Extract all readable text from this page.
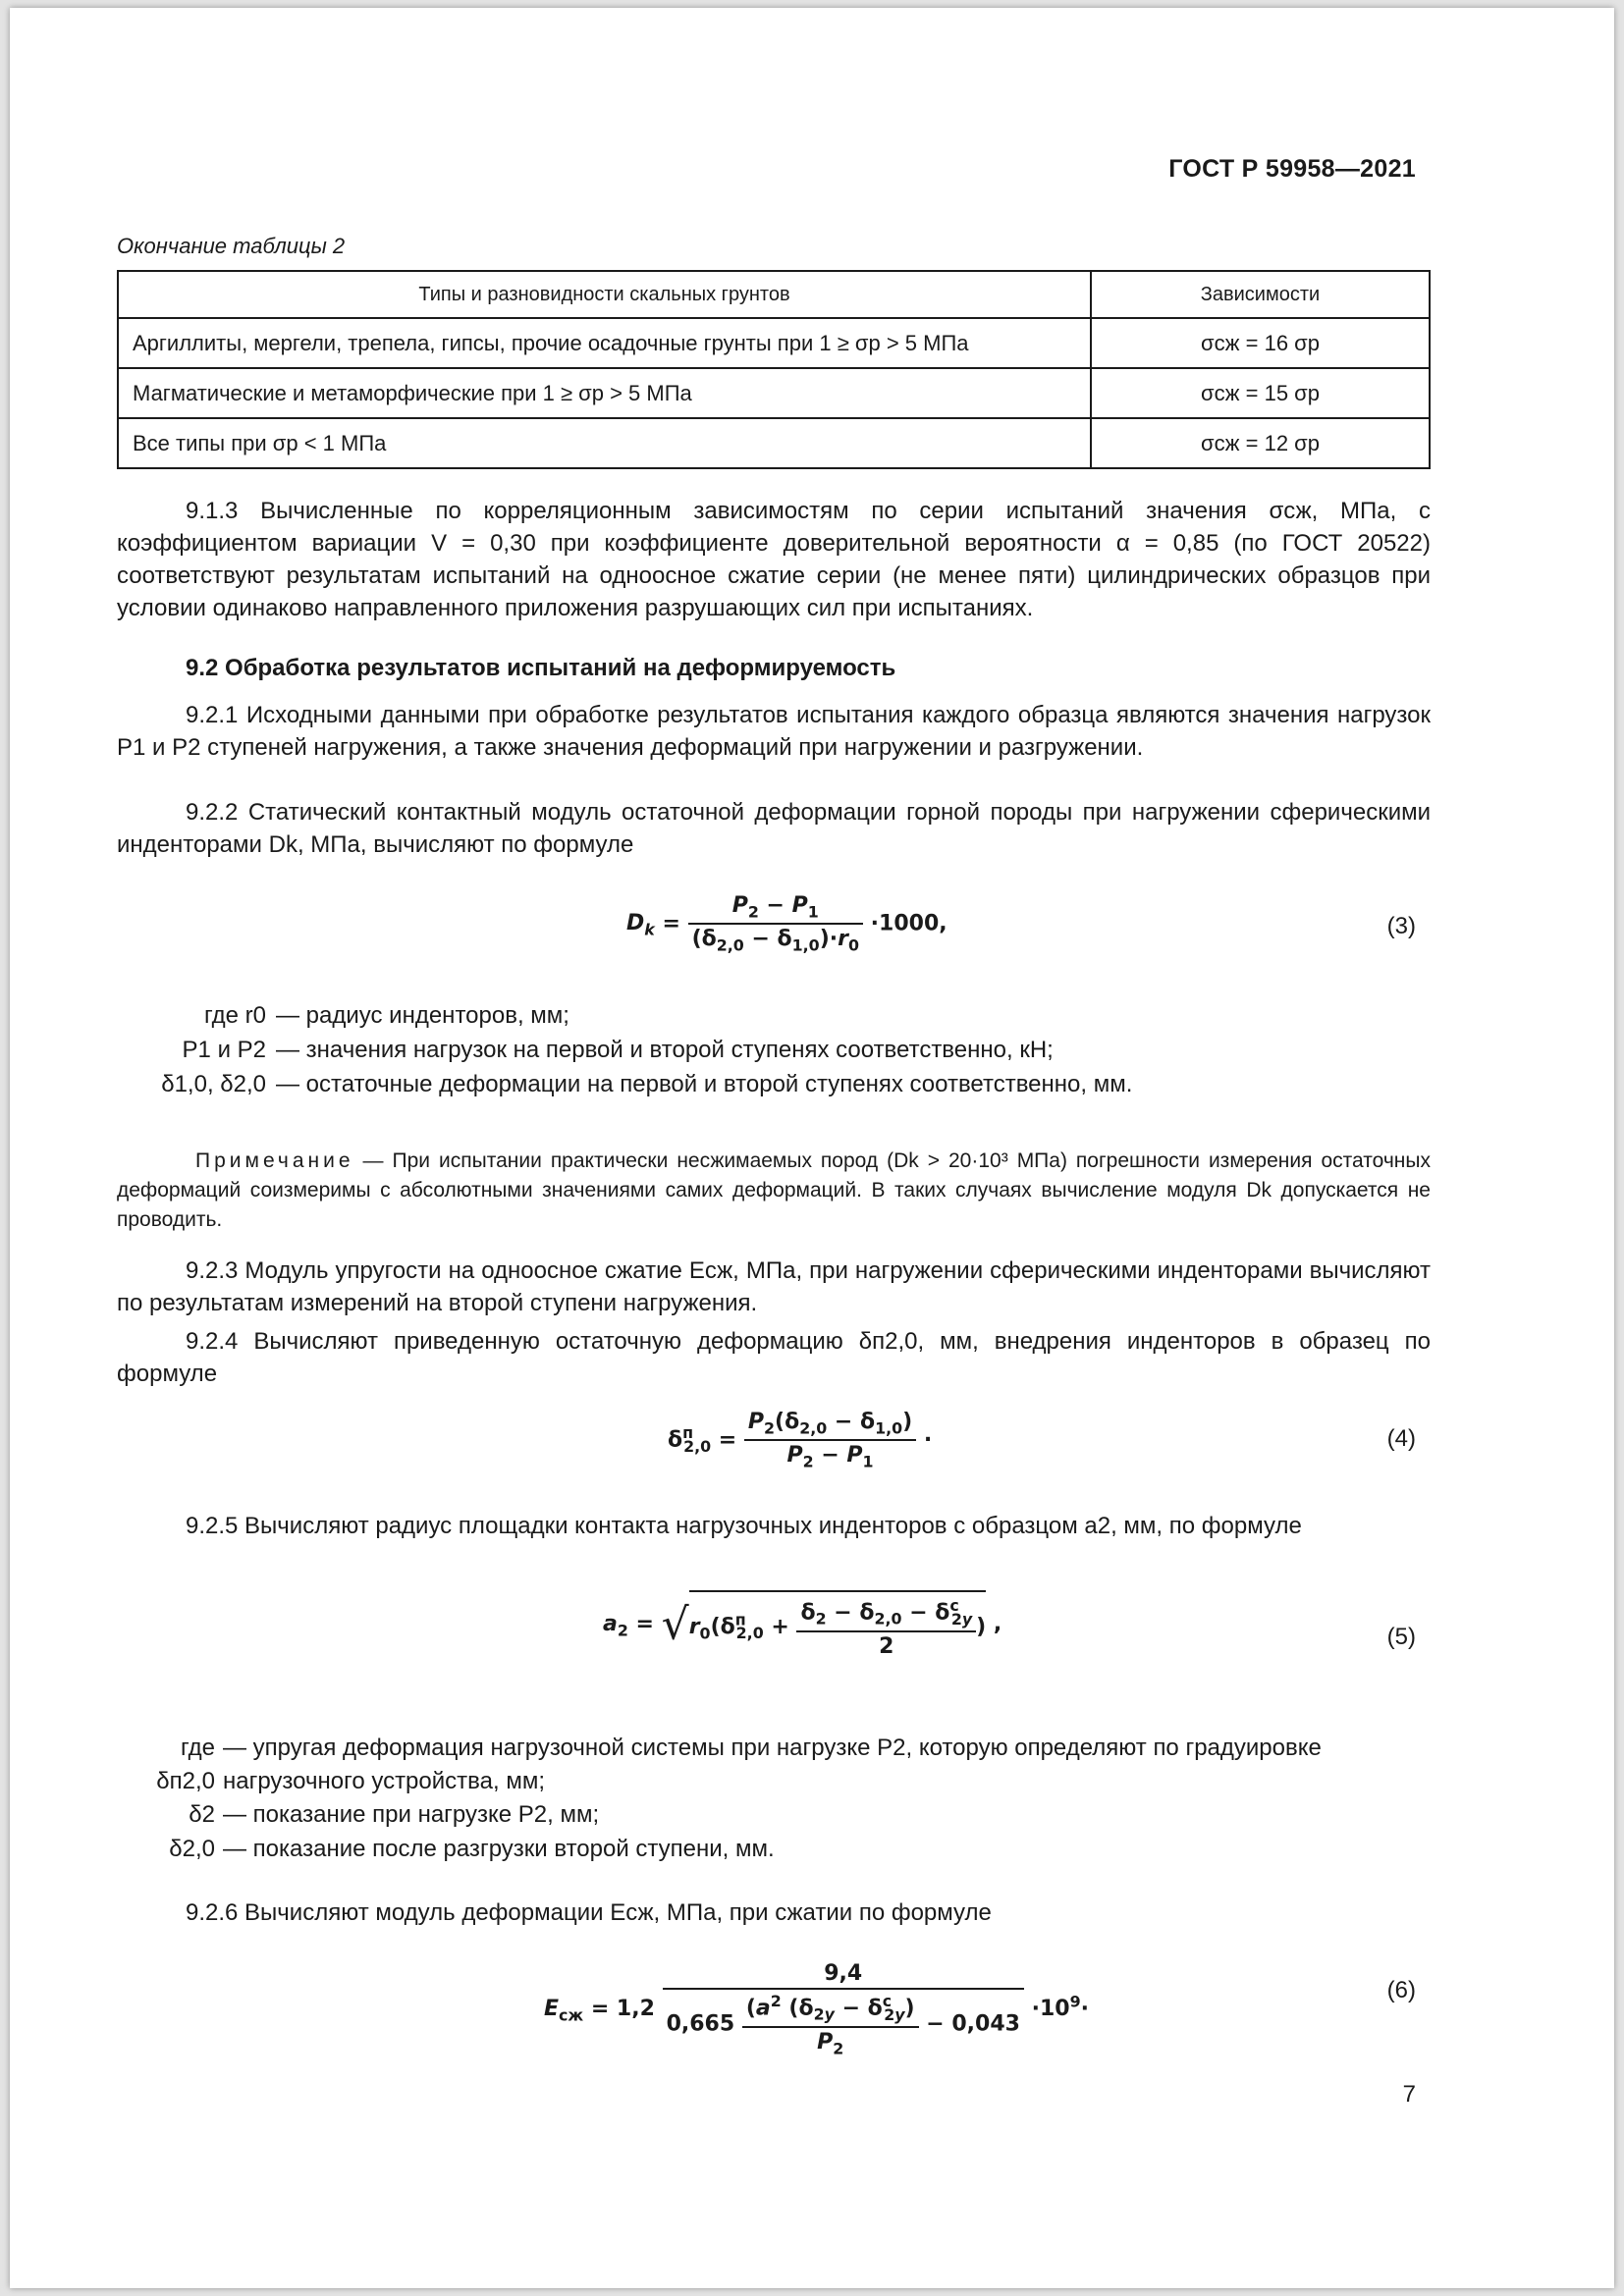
ГОСТ Р 59958—2021
Окончание таблицы 2
Типы и разновидности скальных грунтов	Зависимости
Аргиллиты, мергели, трепела, гипсы, прочие осадочные грунты при 1 ≥ σp > 5 МПа	σсж = 16 σp
Магматические и метаморфические при 1 ≥ σp > 5 МПа	σсж = 15 σp
Все типы при σp < 1 МПа	σсж = 12 σp
9.1.3 Вычисленные по корреляционным зависимостям по серии испытаний значения σсж, МПа, с коэффициентом вариации V = 0,30 при коэффициенте доверительной вероятности α = 0,85 (по ГОСТ 20522) соответствуют результатам испытаний на одноосное сжатие серии (не менее пяти) цилиндрических образцов при условии одинаково направленного приложения разрушающих сил при испытаниях.
9.2 Обработка результатов испытаний на деформируемость
9.2.1 Исходными данными при обработке результатов испытания каждого образца являются значения нагрузок P1 и P2 ступеней нагружения, а также значения деформаций при нагружении и разгружении.
9.2.2 Статический контактный модуль остаточной деформации горной породы при нагружении сферическими инденторами Dk, МПа, вычисляют по формуле
$D_k = \frac{P_2 - P_1}{(\delta_{2,0} - \delta_{1,0})\cdot r_0} \cdot 1000$,	(3)
где r0 — радиус инденторов, мм;
P1 и P2 — значения нагрузок на первой и второй ступенях соответственно, кН;
δ1,0, δ2,0 — остаточные деформации на первой и второй ступенях соответственно, мм.
Примечание — При испытании практически несжимаемых пород (Dk > 20·10³ МПа) погрешности измерения остаточных деформаций соизмеримы с абсолютными значениями самих деформаций. В таких случаях вычисление модуля Dk допускается не проводить.
9.2.3 Модуль упругости на одноосное сжатие Eсж, МПа, при нагружении сферическими инденторами вычисляют по результатам измерений на второй ступени нагружения.
9.2.4 Вычисляют приведенную остаточную деформацию δп2,0, мм, внедрения инденторов в образец по формуле
$\delta^п_{2,0} = \frac{P_2(\delta_{2,0} - \delta_{1,0})}{P_2 - P_1}$ ·	(4)
9.2.5 Вычисляют радиус площадки контакта нагрузочных инденторов с образцом a2, мм, по формуле
$a_2 = √r_0(\delta^п_{2,0}$ +
$\delta_2 - \delta_{2,0} - \delta^с_{2y}$
2
) ,	(5)
где δп2,0
— упругая деформация нагрузочной системы при нагрузке P2, которую определяют по градуировке нагрузочного устройства, мм;
δ2 — показание при нагрузке P2, мм;
δ2,0 — показание после разгрузки второй ступени, мм.
9.2.6 Вычисляют модуль деформации Eсж, МПа, при сжатии по формуле
$E_{сж} = 1,2$
9,4
0,665
($a^2$ $(\delta_{2y} - \delta^с_{2y})$
$P_2$
− 0,043
$\cdot 10^9\cdot$
(6)
7
